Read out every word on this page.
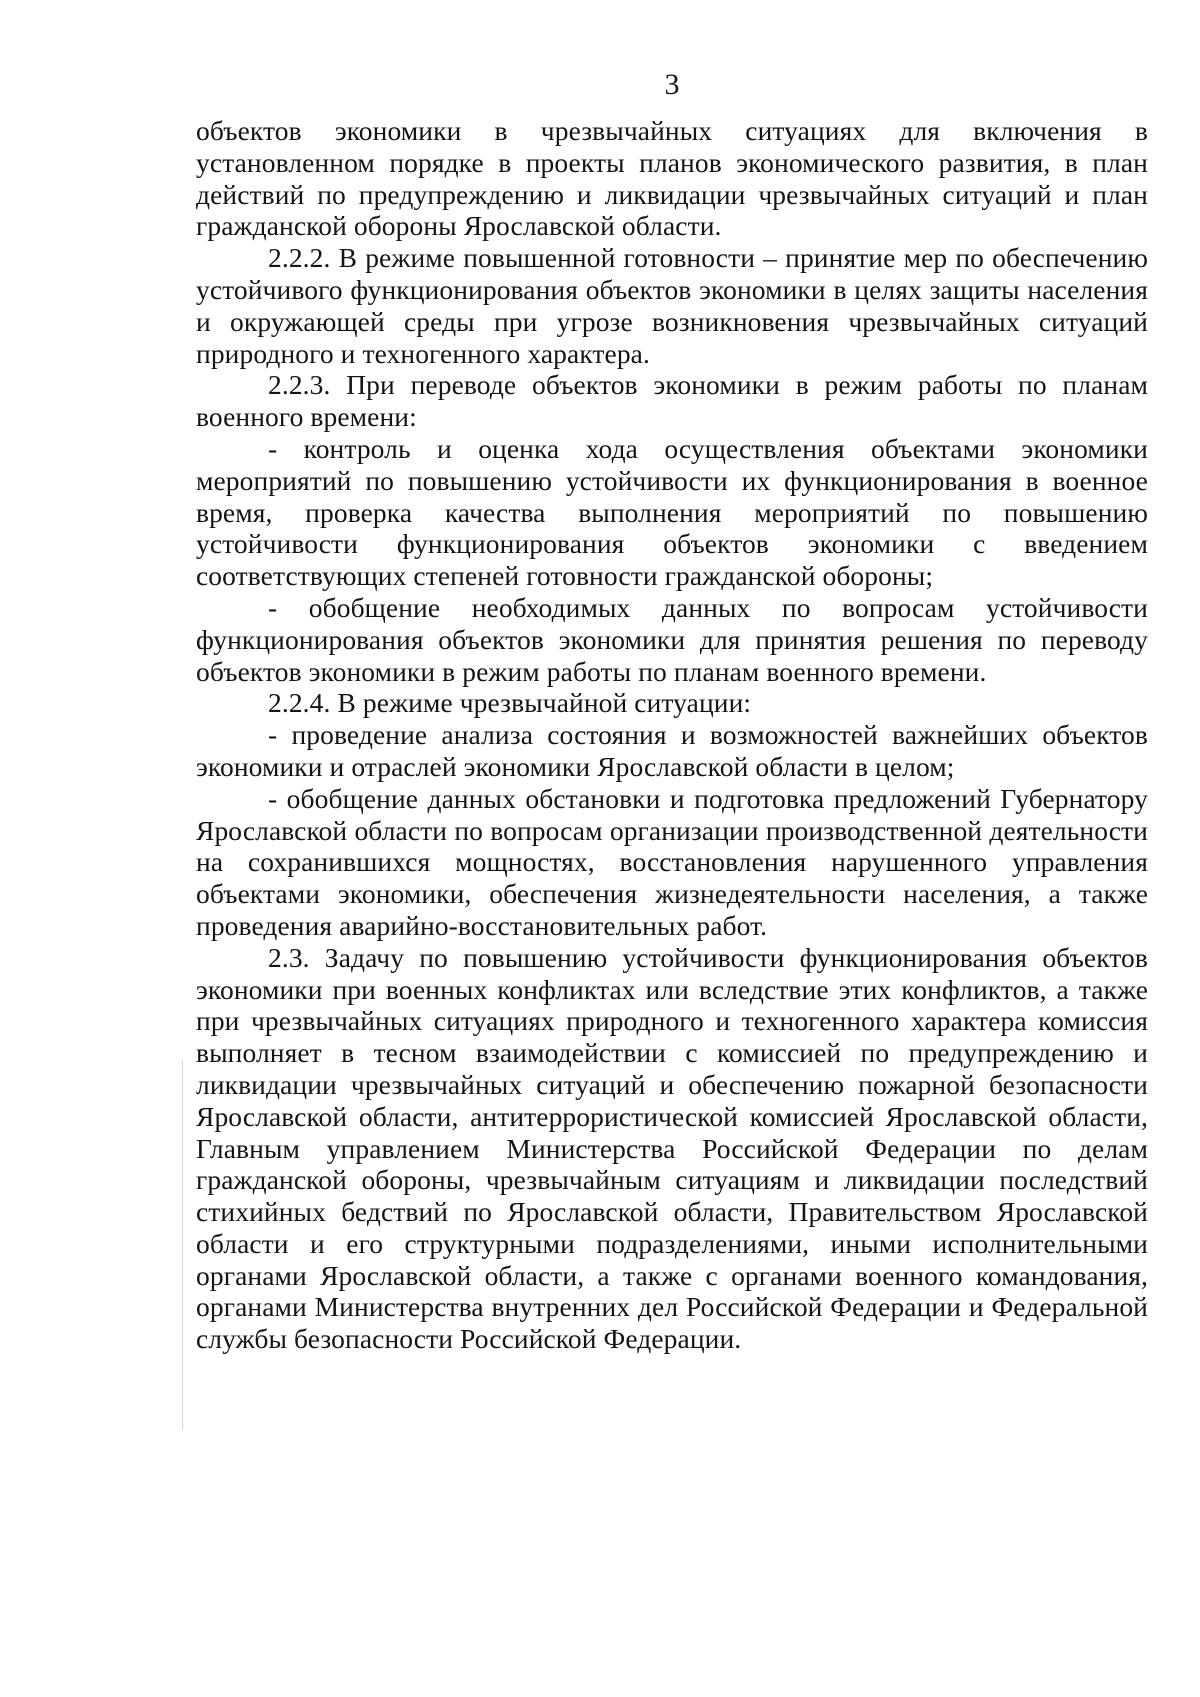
3

объектов экономики в чрезвычайных ситуациях для включения в установленном порядке в проекты планов экономического развития, в план действий по предупреждению и ликвидации чрезвычайных ситуаций и план гражданской обороны Ярославской области.

2.2.2. В режиме повышенной готовности – принятие мер по обеспечению устойчивого функционирования объектов экономики в целях защиты населения и окружающей среды при угрозе возникновения чрезвычайных ситуаций природного и техногенного характера.

2.2.3. При переводе объектов экономики в режим работы по планам военного времени:

- контроль и оценка хода осуществления объектами экономики мероприятий по повышению устойчивости их функционирования в военное время, проверка качества выполнения мероприятий по повышению устойчивости функционирования объектов экономики с введением соответствующих степеней готовности гражданской обороны;

- обобщение необходимых данных по вопросам устойчивости функционирования объектов экономики для принятия решения по переводу объектов экономики в режим работы по планам военного времени.

2.2.4. В режиме чрезвычайной ситуации:

- проведение анализа состояния и возможностей важнейших объектов экономики и отраслей экономики Ярославской области в целом;

- обобщение данных обстановки и подготовка предложений Губернатору Ярославской области по вопросам организации производственной деятельности на сохранившихся мощностях, восстановления нарушенного управления объектами экономики, обеспечения жизнедеятельности населения, а также проведения аварийно-восстановительных работ.

2.3. Задачу по повышению устойчивости функционирования объектов экономики при военных конфликтах или вследствие этих конфликтов, а также при чрезвычайных ситуациях природного и техногенного характера комиссия выполняет в тесном взаимодействии с комиссией по предупреждению и ликвидации чрезвычайных ситуаций и обеспечению пожарной безопасности Ярославской области, антитеррористической комиссией Ярославской области, Главным управлением Министерства Российской Федерации по делам гражданской обороны, чрезвычайным ситуациям и ликвидации последствий стихийных бедствий по Ярославской области, Правительством Ярославской области и его структурными подразделениями, иными исполнительными органами Ярославской области, а также с органами военного командования, органами Министерства внутренних дел Российской Федерации и Федеральной службы безопасности Российской Федерации.
